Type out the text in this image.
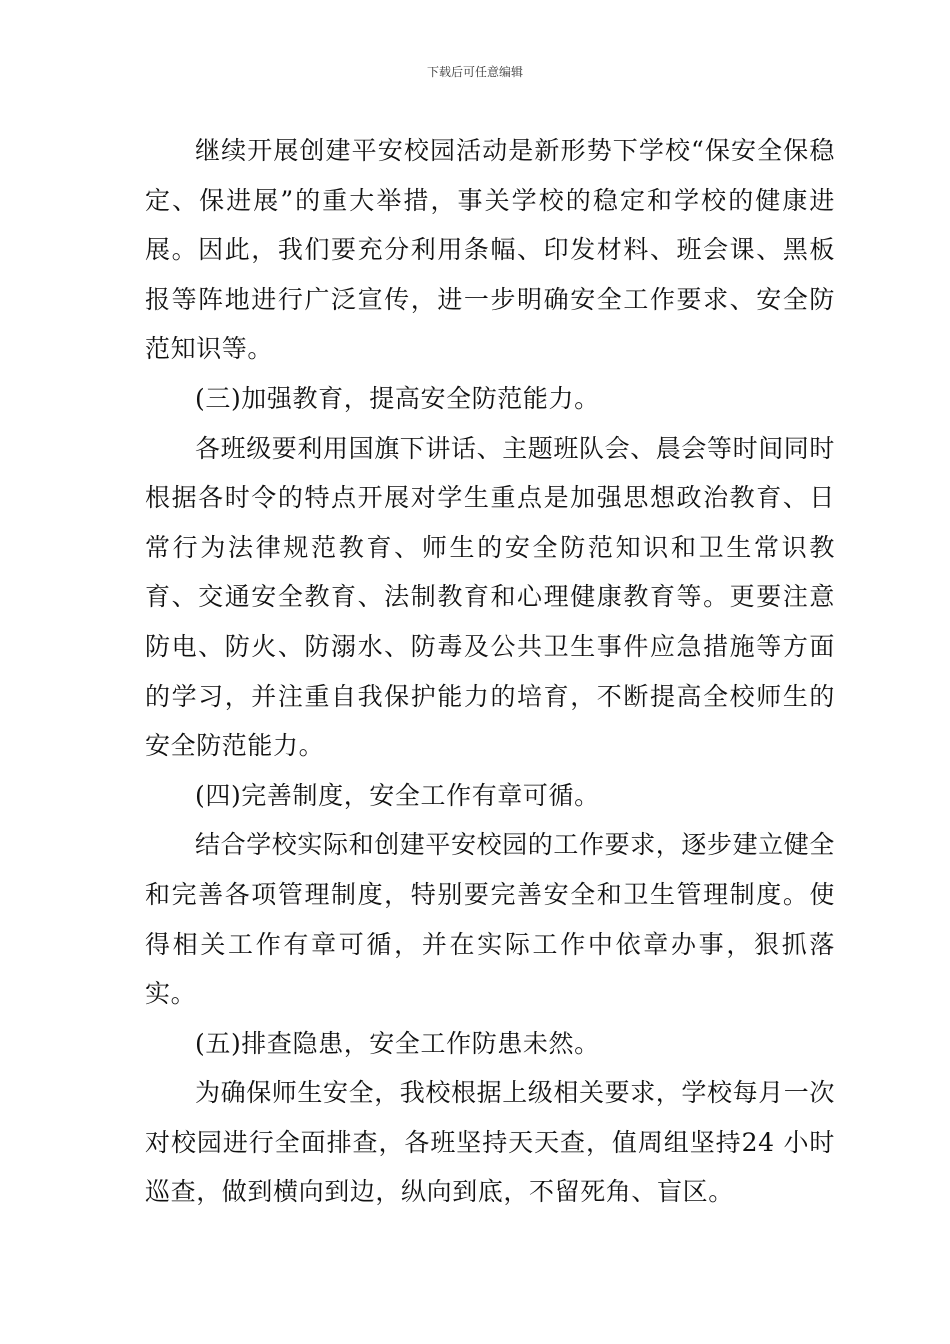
下载后可任意编辑

继续开展创建平安校园活动是新形势下学校“保安全保稳定、保进展”的重大举措，事关学校的稳定和学校的健康进展。因此，我们要充分利用条幅、印发材料、班会课、黑板报等阵地进行广泛宣传，进一步明确安全工作要求、安全防范知识等。

(三)加强教育，提高安全防范能力。

各班级要利用国旗下讲话、主题班队会、晨会等时间同时根据各时令的特点开展对学生重点是加强思想政治教育、日常行为法律规范教育、师生的安全防范知识和卫生常识教育、交通安全教育、法制教育和心理健康教育等。更要注意防电、防火、防溺水、防毒及公共卫生事件应急措施等方面的学习，并注重自我保护能力的培育，不断提高全校师生的安全防范能力。

(四)完善制度，安全工作有章可循。

结合学校实际和创建平安校园的工作要求，逐步建立健全和完善各项管理制度，特别要完善安全和卫生管理制度。使得相关工作有章可循，并在实际工作中依章办事，狠抓落实。

(五)排查隐患，安全工作防患未然。

为确保师生安全，我校根据上级相关要求，学校每月一次对校园进行全面排查，各班坚持天天查，值周组坚持24 小时巡查，做到横向到边，纵向到底，不留死角、盲区。
